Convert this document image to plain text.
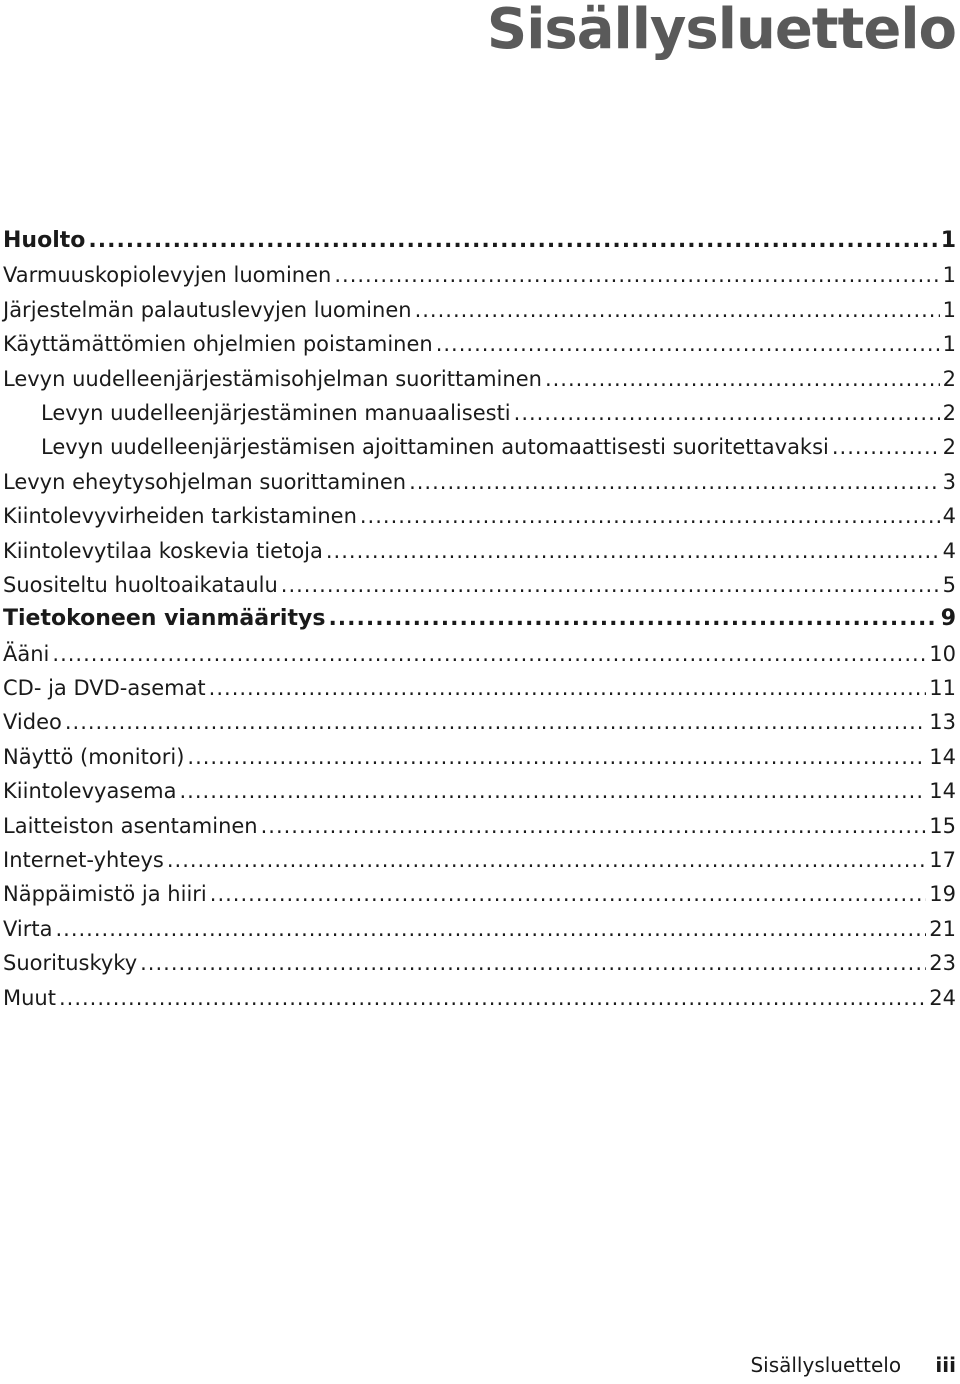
Sisällysluettelo
Huolto .....	1
Varmuuskopiolevyjen luominen .....	1
Järjestelmän palautuslevyjen luominen .....	1
Käyttämättömien ohjelmien poistaminen .....	1
Levyn uudelleenjärjestämisohjelman suorittaminen .....	2
Levyn uudelleenjärjestäminen manuaalisesti .....	2
Levyn uudelleenjärjestämisen ajoittaminen automaattisesti suoritettavaksi .....	2
Levyn eheytysohjelman suorittaminen .....	3
Kiintolevyvirheiden tarkistaminen .....	4
Kiintolevytilaa koskevia tietoja .....	4
Suositeltu huoltoaikataulu .....	5
Tietokoneen vianmääritys .....	9
Ääni .....	10
CD- ja DVD-asemat .....	11
Video .....	13
Näyttö (monitori) .....	14
Kiintolevyasema .....	14
Laitteiston asentaminen .....	15
Internet-yhteys .....	17
Näppäimistö ja hiiri .....	19
Virta .....	21
Suorituskyky .....	23
Muut .....	24
Sisällysluettelo iii
